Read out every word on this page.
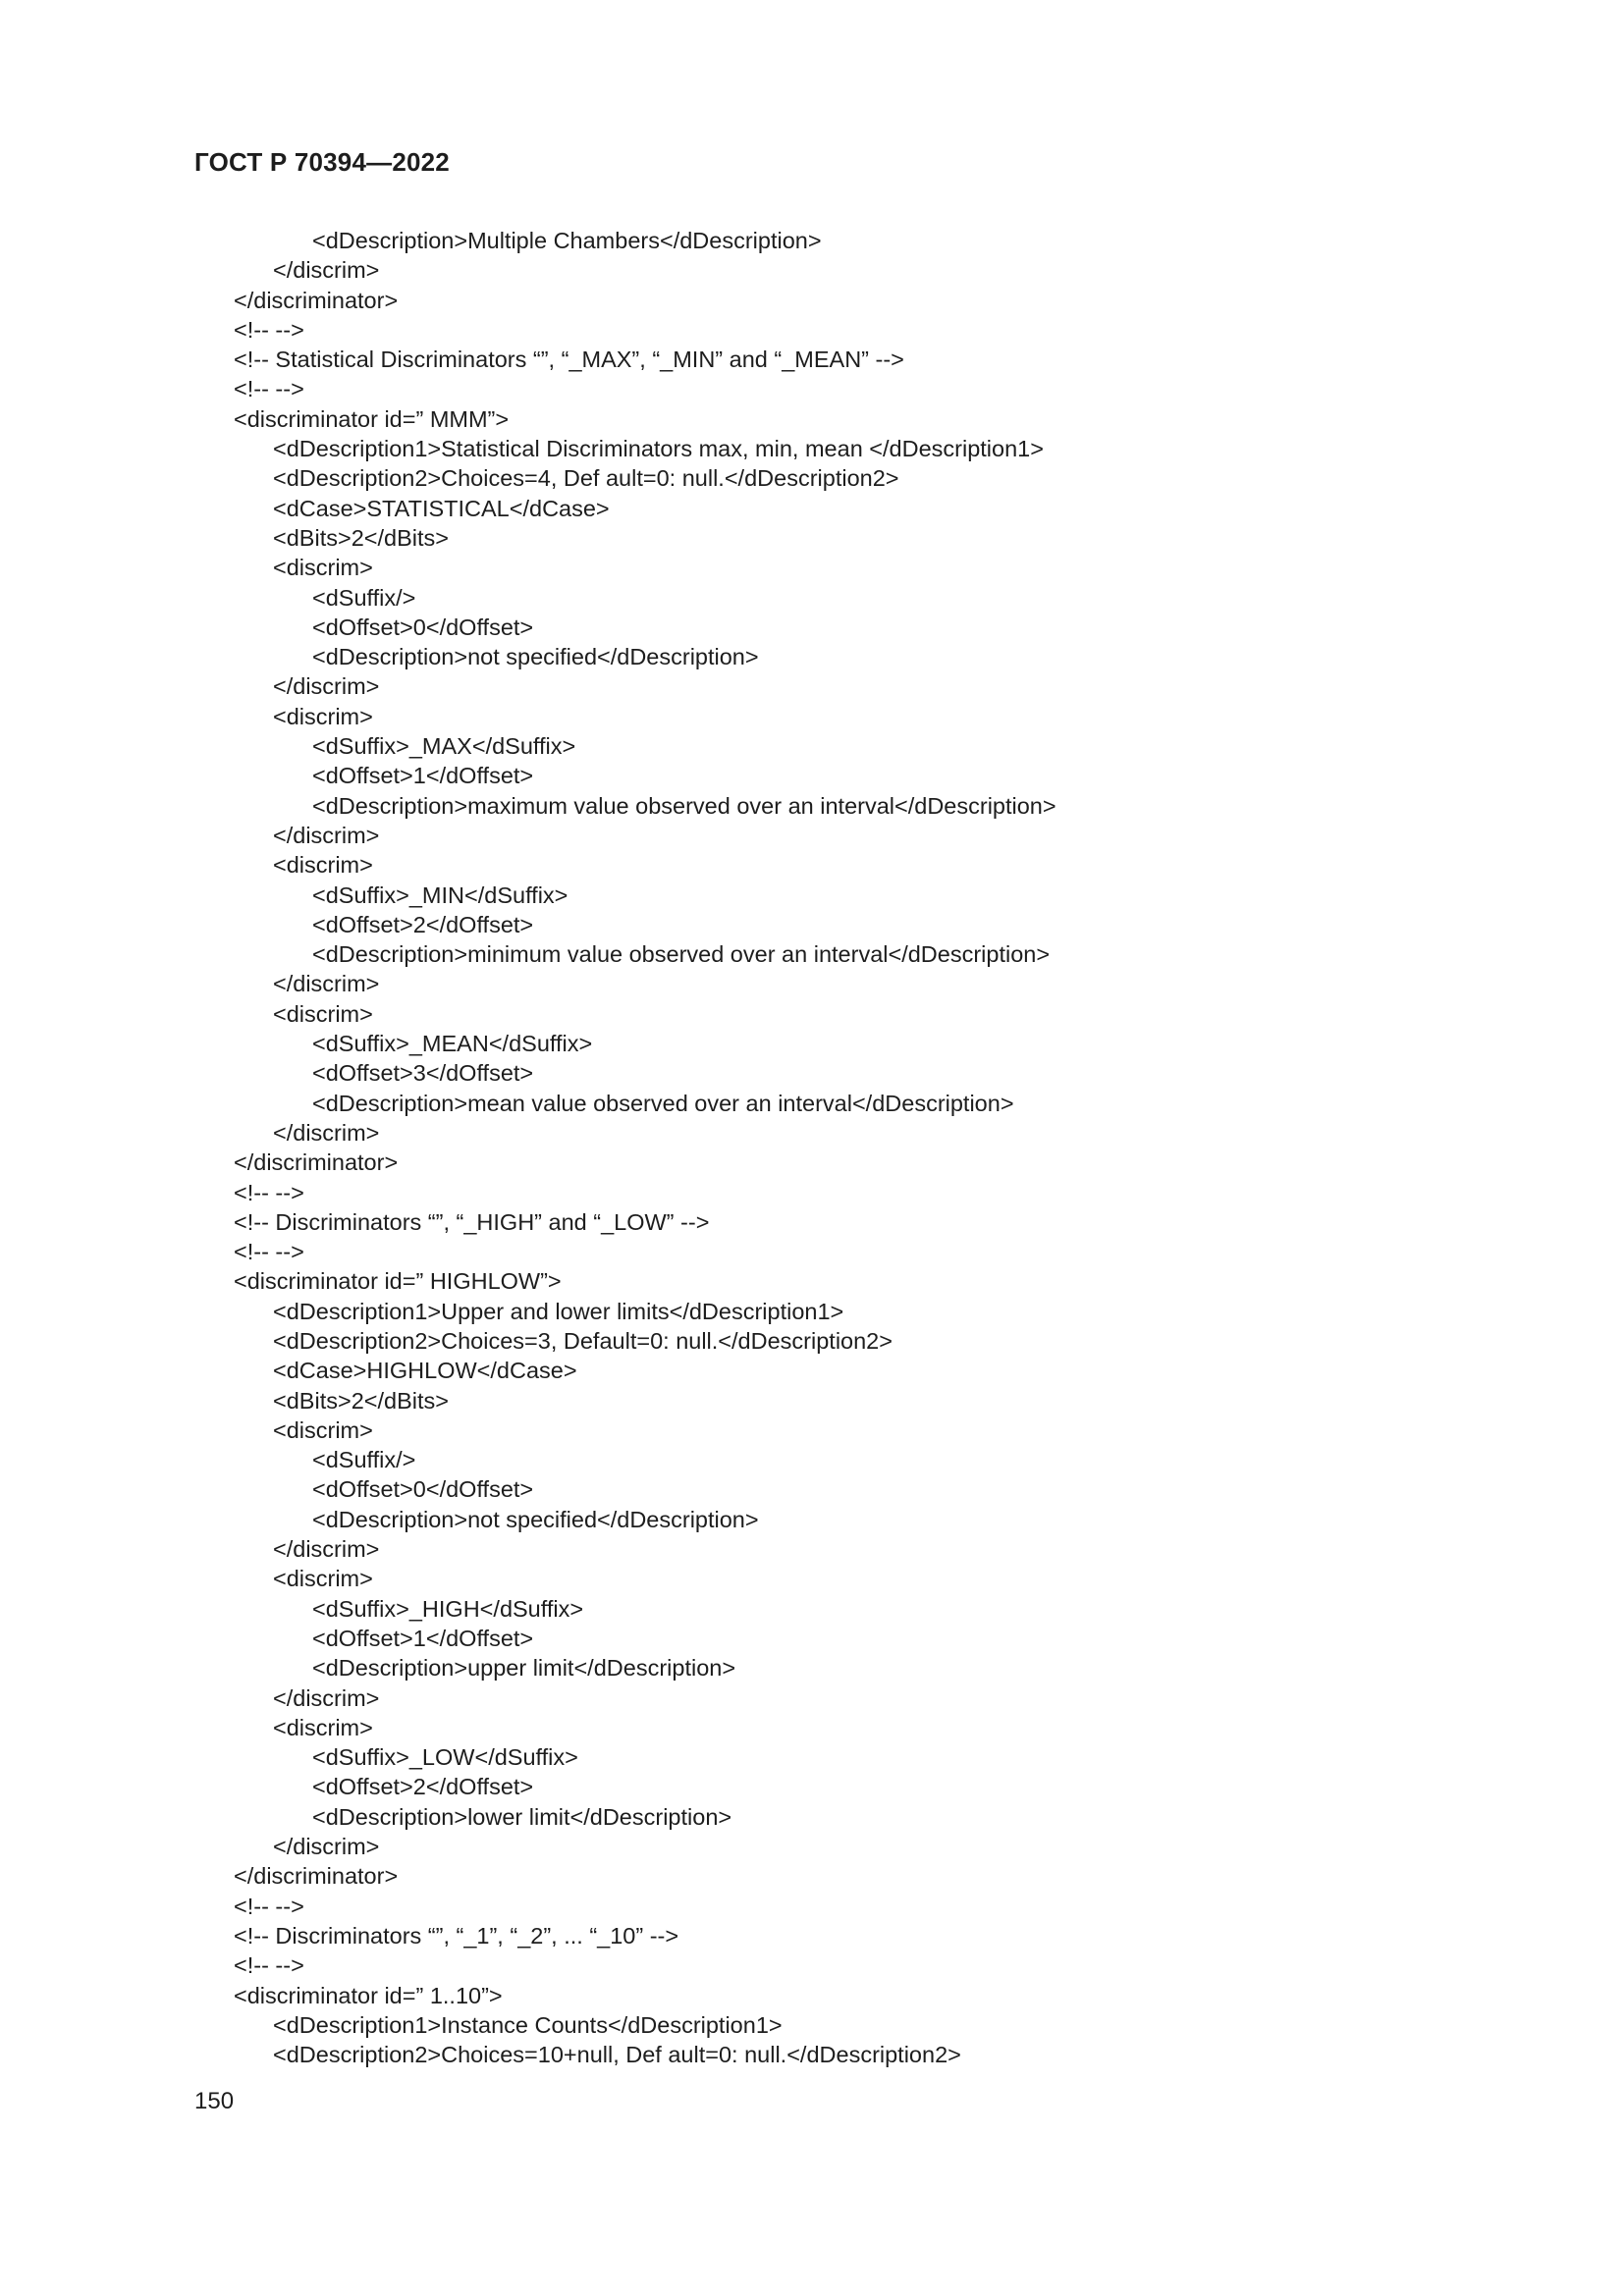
ГОСТ Р 70394—2022
<dDescription>Multiple Chambers</dDescription>
</discrim>
</discriminator>
<!-- -->
<!-- Statistical Discriminators “”, “_MAX”, “_MIN” and “_MEAN” -->
<!-- -->
<discriminator id=” MMM”>
<dDescription1>Statistical Discriminators max, min, mean </dDescription1>
<dDescription2>Choices=4, Def ault=0: null.</dDescription2>
<dCase>STATISTICAL</dCase>
<dBits>2</dBits>
<discrim>
<dSuffix/>
<dOffset>0</dOffset>
<dDescription>not specified</dDescription>
</discrim>
<discrim>
<dSuffix>_MAX</dSuffix>
<dOffset>1</dOffset>
<dDescription>maximum value observed over an interval</dDescription>
</discrim>
<discrim>
<dSuffix>_MIN</dSuffix>
<dOffset>2</dOffset>
<dDescription>minimum value observed over an interval</dDescription>
</discrim>
<discrim>
<dSuffix>_MEAN</dSuffix>
<dOffset>3</dOffset>
<dDescription>mean value observed over an interval</dDescription>
</discrim>
</discriminator>
<!-- -->
<!-- Discriminators “”, “_HIGH” and “_LOW” -->
<!-- -->
<discriminator id=” HIGHLOW”>
<dDescription1>Upper and lower limits</dDescription1>
<dDescription2>Choices=3, Default=0: null.</dDescription2>
<dCase>HIGHLOW</dCase>
<dBits>2</dBits>
<discrim>
<dSuffix/>
<dOffset>0</dOffset>
<dDescription>not specified</dDescription>
</discrim>
<discrim>
<dSuffix>_HIGH</dSuffix>
<dOffset>1</dOffset>
<dDescription>upper limit</dDescription>
</discrim>
<discrim>
<dSuffix>_LOW</dSuffix>
<dOffset>2</dOffset>
<dDescription>lower limit</dDescription>
</discrim>
</discriminator>
<!-- -->
<!-- Discriminators “”, “_1”, “_2”, ... “_10” -->
<!-- -->
<discriminator id=” 1..10”>
<dDescription1>Instance Counts</dDescription1>
<dDescription2>Choices=10+null, Def ault=0: null.</dDescription2>
150
